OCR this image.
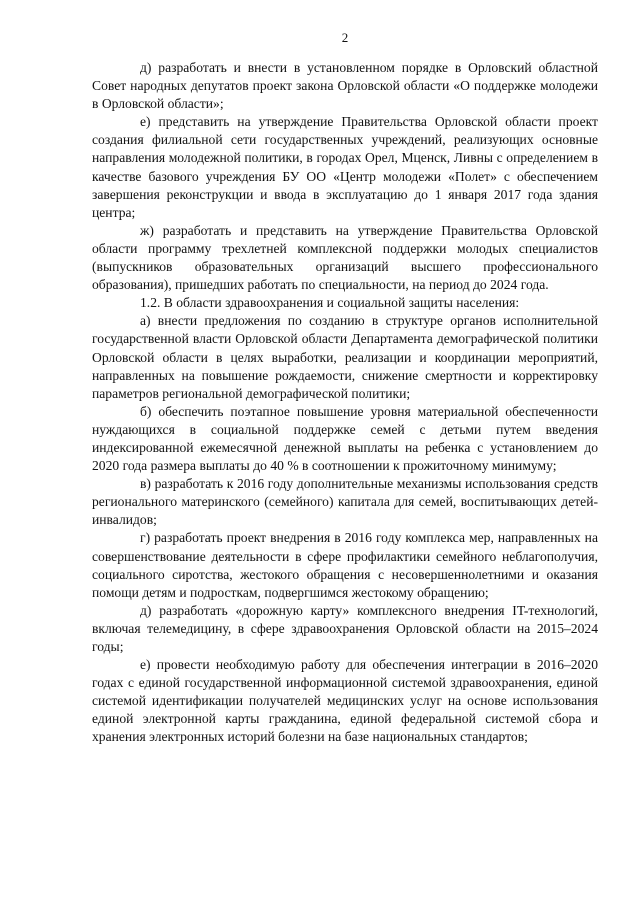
2

д) разработать и внести в установленном порядке в Орловский областной Совет народных депутатов проект закона Орловской области «О поддержке молодежи в Орловской области»;

е) представить на утверждение Правительства Орловской области проект создания филиальной сети государственных учреждений, реализующих основные направления молодежной политики, в городах Орел, Мценск, Ливны с определением в качестве базового учреждения БУ ОО «Центр молодежи «Полет» с обеспечением завершения реконструкции и ввода в эксплуатацию до 1 января 2017 года здания центра;

ж) разработать и представить на утверждение Правительства Орловской области программу трехлетней комплексной поддержки молодых специалистов (выпускников образовательных организаций высшего профессионального образования), пришедших работать по специальности, на период до 2024 года.

1.2. В области здравоохранения и социальной защиты населения:

а) внести предложения по созданию в структуре органов исполнительной государственной власти Орловской области Департамента демографической политики Орловской области в целях выработки, реализации и координации мероприятий, направленных на повышение рождаемости, снижение смертности и корректировку параметров региональной демографической политики;

б) обеспечить поэтапное повышение уровня материальной обеспеченности нуждающихся в социальной поддержке семей с детьми путем введения индексированной ежемесячной денежной выплаты на ребенка с установлением до 2020 года размера выплаты до 40 % в соотношении к прожиточному минимуму;

в) разработать к 2016 году дополнительные механизмы использования средств регионального материнского (семейного) капитала для семей, воспитывающих детей-инвалидов;

г) разработать проект внедрения в 2016 году комплекса мер, направленных на совершенствование деятельности в сфере профилактики семейного неблагополучия, социального сиротства, жестокого обращения с несовершеннолетними и оказания помощи детям и подросткам, подвергшимся жестокому обращению;

д) разработать «дорожную карту» комплексного внедрения IT-технологий, включая телемедицину, в сфере здравоохранения Орловской области на 2015–2024 годы;

е) провести необходимую работу для обеспечения интеграции в 2016–2020 годах с единой государственной информационной системой здравоохранения, единой системой идентификации получателей медицинских услуг на основе использования единой электронной карты гражданина, единой федеральной системой сбора и хранения электронных историй болезни на базе национальных стандартов;
